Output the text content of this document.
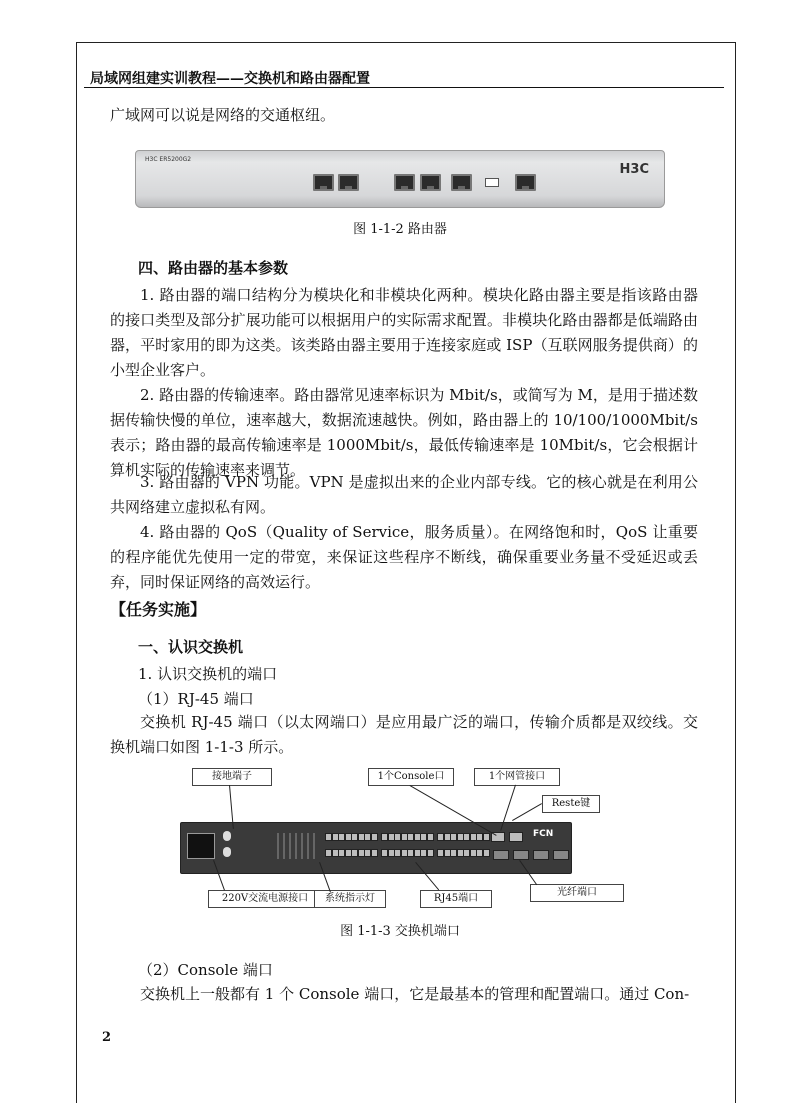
局域网组建实训教程——交换机和路由器配置

广域网可以说是网络的交通枢纽。

H3C ER5200G2
H3C
图 1-1-2 路由器

四、路由器的基本参数

1. 路由器的端口结构分为模块化和非模块化两种。模块化路由器主要是指该路由器的接口类型及部分扩展功能可以根据用户的实际需求配置。非模块化路由器都是低端路由器，平时家用的即为这类。该类路由器主要用于连接家庭或 ISP（互联网服务提供商）的小型企业客户。

2. 路由器的传输速率。路由器常见速率标识为 Mbit/s，或简写为 M，是用于描述数据传输快慢的单位，速率越大，数据流速越快。例如，路由器上的 10/100/1000Mbit/s 表示；路由器的最高传输速率是 1000Mbit/s，最低传输速率是 10Mbit/s，它会根据计算机实际的传输速率来调节。

3. 路由器的 VPN 功能。VPN 是虚拟出来的企业内部专线。它的核心就是在利用公共网络建立虚拟私有网。

4. 路由器的 QoS（Quality of Service，服务质量）。在网络饱和时，QoS 让重要的程序能优先使用一定的带宽，来保证这些程序不断线，确保重要业务量不受延迟或丢弃，同时保证网络的高效运行。

【任务实施】

一、认识交换机

1. 认识交换机的端口

（1）RJ-45 端口

交换机 RJ-45 端口（以太网端口）是应用最广泛的端口，传输介质都是双绞线。交换机端口如图 1-1-3 所示。

接地端子	1个Console口	1个网管接口
Reste键
FCN
220V交流电源接口	系统指示灯	RJ45端口
光纤端口
图 1-1-3 交换机端口

（2）Console 端口

交换机上一般都有 1 个 Console 端口，它是最基本的管理和配置端口。通过 Con-

2
